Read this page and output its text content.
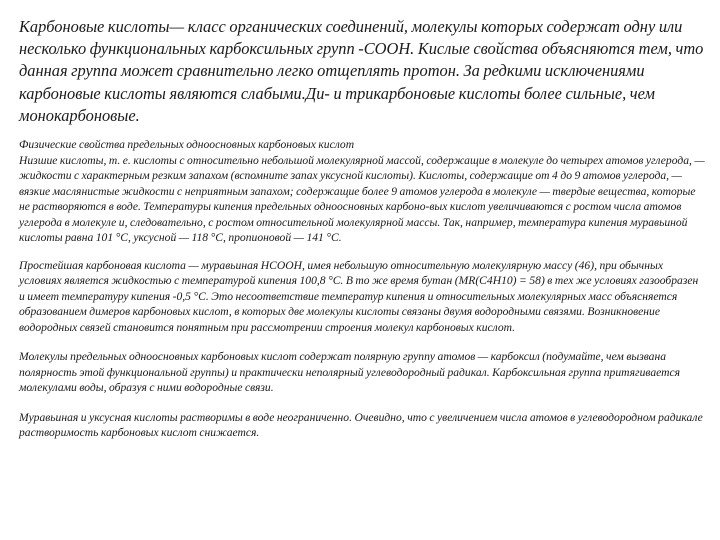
Карбоновые кислоты— класс органических соединений, молекулы которых содержат одну или несколько функциональных карбоксильных групп -COOH. Кислые свойства объясняются тем, что данная группа может сравнительно легко отщеплять протон. За редкими исключениями карбоновые кислоты являются слабыми.Ди- и трикарбоновые кислоты более сильные, чем монокарбоновые.

Физические свойства предельных одноосновных карбоновых кислот

Низшие кислоты, т. е. кислоты с относительно небольшой молекулярной массой, содержащие в молекуле до четырех атомов углерода, — жидкости с характерным резким запахом (вспомните запах уксусной кислоты). Кислоты, содержащие от 4 до 9 атомов углерода, — вязкие маслянистые жидкости с неприятным запахом; содержащие более 9 атомов углерода в молекуле — твердые вещества, которые не растворяются в воде. Температуры кипения предельных одноосновных карбоно-вых кислот увеличиваются с ростом числа атомов углерода в молекуле и, следовательно, с ростом относительной молекулярной массы. Так, например, температура кипения муравьиной кислоты равна 101 °С, уксусной — 118 °С, пропионовой — 141 °С.

Простейшая карбоновая кислота — муравьиная НСООН, имея небольшую относительную молекулярную массу (46), при обычных условиях является жидкостью с температурой кипения 100,8 °С. В то же время бутан (MR(C4H10) = 58) в тех же условиях газообразен и имеет температуру кипения -0,5 °С. Это несоответствие температур кипения и относительных молекулярных масс объясняется образованием димеров карбоновых кислот, в которых две молекулы кислоты связаны двумя водородными связями. Возникновение водородных связей становится понятным при рассмотрении строения молекул карбоновых кислот.

Молекулы предельных одноосновных карбоновых кислот содержат полярную группу атомов — карбоксил (подумайте, чем вызвана полярность этой функциональной группы) и практически неполярный углеводородный радикал. Карбоксильная группа притягивается молекулами воды, образуя с ними водородные связи.

Муравьиная и уксусная кислоты растворимы в воде неограниченно. Очевидно, что с увеличением числа атомов в углеводородном радикале растворимость карбоновых кислот снижается.
